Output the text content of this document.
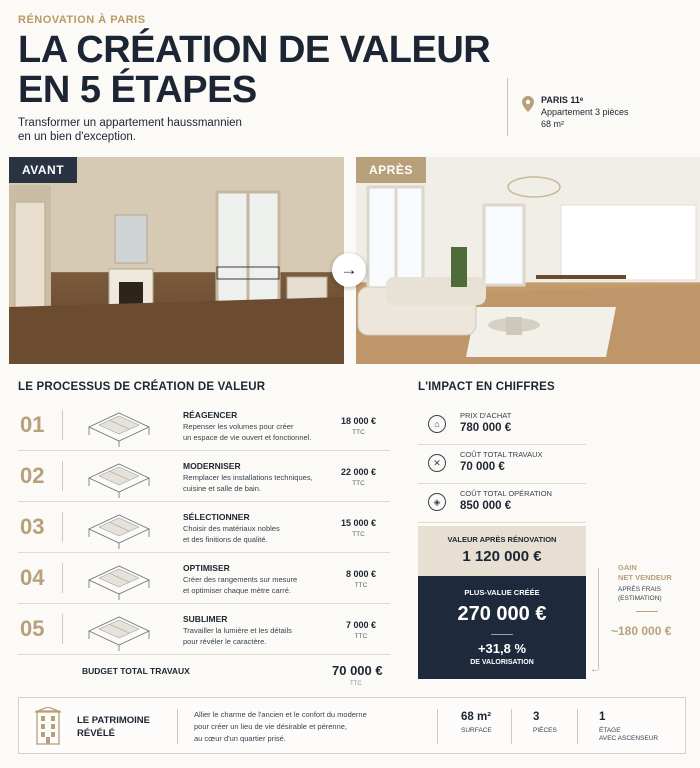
RÉNOVATION À PARIS
LA CRÉATION DE VALEUR
EN 5 ÉTAPES
Transformer un appartement haussmannien
en un bien d'exception.
PARIS 11ᵉ
Appartement 3 pièces
68 m²
AVANT
→
APRÈS
LE PROCESSUS DE CRÉATION DE VALEUR
01	RÉAGENCER
Repenser les volumes pour créer
un espace de vie ouvert et fonctionnel.
18 000 €
TTC
02	MODERNISER
Remplacer les installations techniques,
cuisine et salle de bain.
22 000 €
TTC
03	SÉLECTIONNER
Choisir des matériaux nobles
et des finitions de qualité.
15 000 €
TTC
04	OPTIMISER
Créer des rangements sur mesure
et optimiser chaque mètre carré.
8 000 €
TTC
05	SUBLIMER
Travailler la lumière et les détails
pour révéler le caractère.
7 000 €
TTC
BUDGET TOTAL TRAVAUX	70 000 €
TTC
L'IMPACT EN CHIFFRES
⌂
PRIX D'ACHAT
780 000 €
✕
COÛT TOTAL TRAVAUX
70 000 €
◈
COÛT TOTAL OPÉRATION
850 000 €
VALEUR APRÈS RÉNOVATION
1 120 000 €
PLUS-VALUE CRÉÉE
270 000 €
+31,8 %
DE VALORISATION
←
GAIN
NET VENDEUR
APRÈS FRAIS
(ESTIMATION)
~180 000 €
LE PATRIMOINE
RÉVÉLÉ
Allier le charme de l'ancien et le confort du moderne
pour créer un lieu de vie désirable et pérenne,
au cœur d'un quartier prisé.
68 m²
SURFACE
3
PIÈCES
1
ÉTAGE
AVEC ASCENSEUR
